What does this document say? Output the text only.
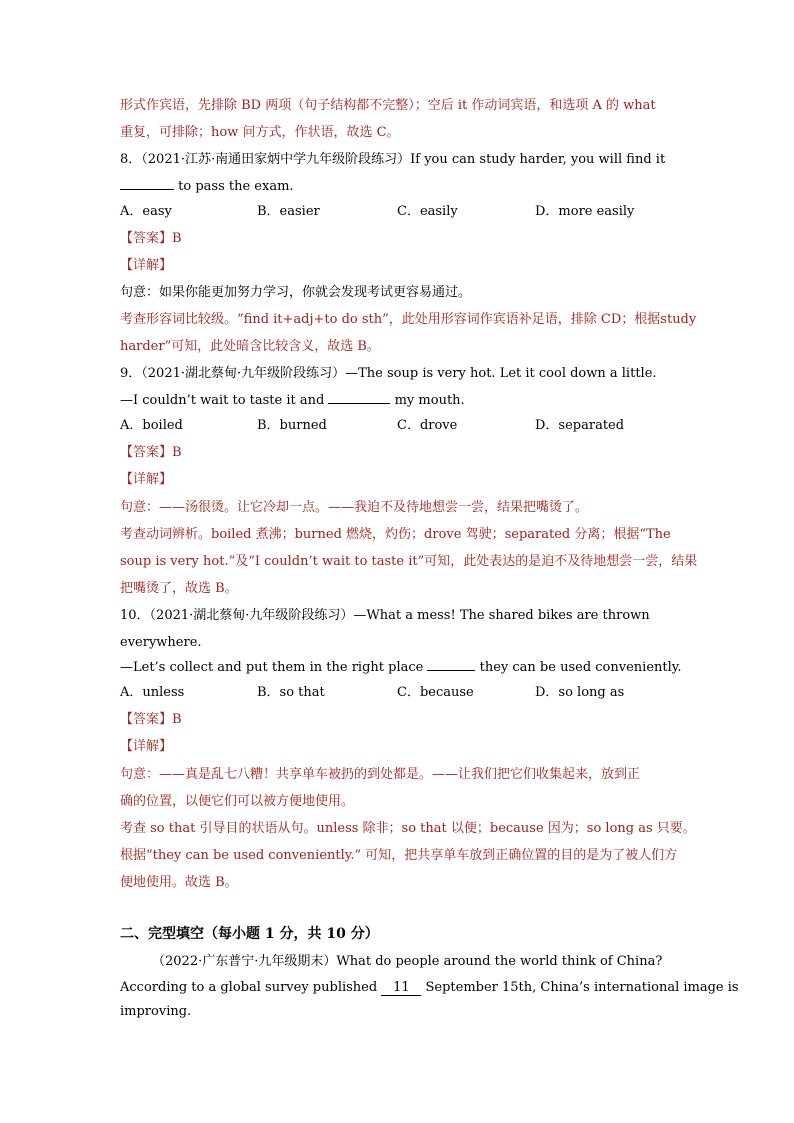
形式作宾语，先排除 BD 两项（句子结构都不完整）；空后 it 作动词宾语，和选项 A 的 what
重复，可排除；how 问方式，作状语，故选 C。
8．（2021·江苏·南通田家炳中学九年级阶段练习）If you can study harder, you will find it
to pass the exam.
A．easy	B．easier	C．easily	D．more easily
【答案】B
【详解】
句意：如果你能更加努力学习，你就会发现考试更容易通过。
考查形容词比较级。“find it+adj+to do sth”，此处用形容词作宾语补足语，排除 CD；根据study
harder”可知，此处暗含比较含义，故选 B。
9．（2021·湖北蔡甸·九年级阶段练习）—The soup is very hot. Let it cool down a little.
—I couldn’t wait to taste it and	my mouth.
A．boiled	B．burned	C．drove	D．separated
【答案】B
【详解】
句意：——汤很烫。让它冷却一点。——我迫不及待地想尝一尝，结果把嘴烫了。
考查动词辨析。boiled 煮沸；burned 燃烧，灼伤；drove 驾驶；separated 分离；根据“The
soup is very hot.”及“I couldn’t wait to taste it”可知，此处表达的是迫不及待地想尝一尝，结果
把嘴烫了，故选 B。
10．（2021·湖北蔡甸·九年级阶段练习）—What a mess! The shared bikes are thrown
everywhere.
—Let’s collect and put them in the right place	they can be used conveniently.
A．unless	B．so that	C．because	D．so long as
【答案】B
【详解】
句意：——真是乱七八糟！共享单车被扔的到处都是。——让我们把它们收集起来，放到正
确的位置，以便它们可以被方便地使用。
考查 so that 引导目的状语从句。unless 除非；so that 以便；because 因为；so long as 只要。
根据“they can be used conveniently.” 可知，把共享单车放到正确位置的目的是为了被人们方
便地使用。故选 B。
二、完型填空（每小题 1 分，共 10 分）
（2022·广东普宁·九年级期末）What do people around the world think of China?
According to a global survey published 11 September 15th, China’s international image is
improving.
